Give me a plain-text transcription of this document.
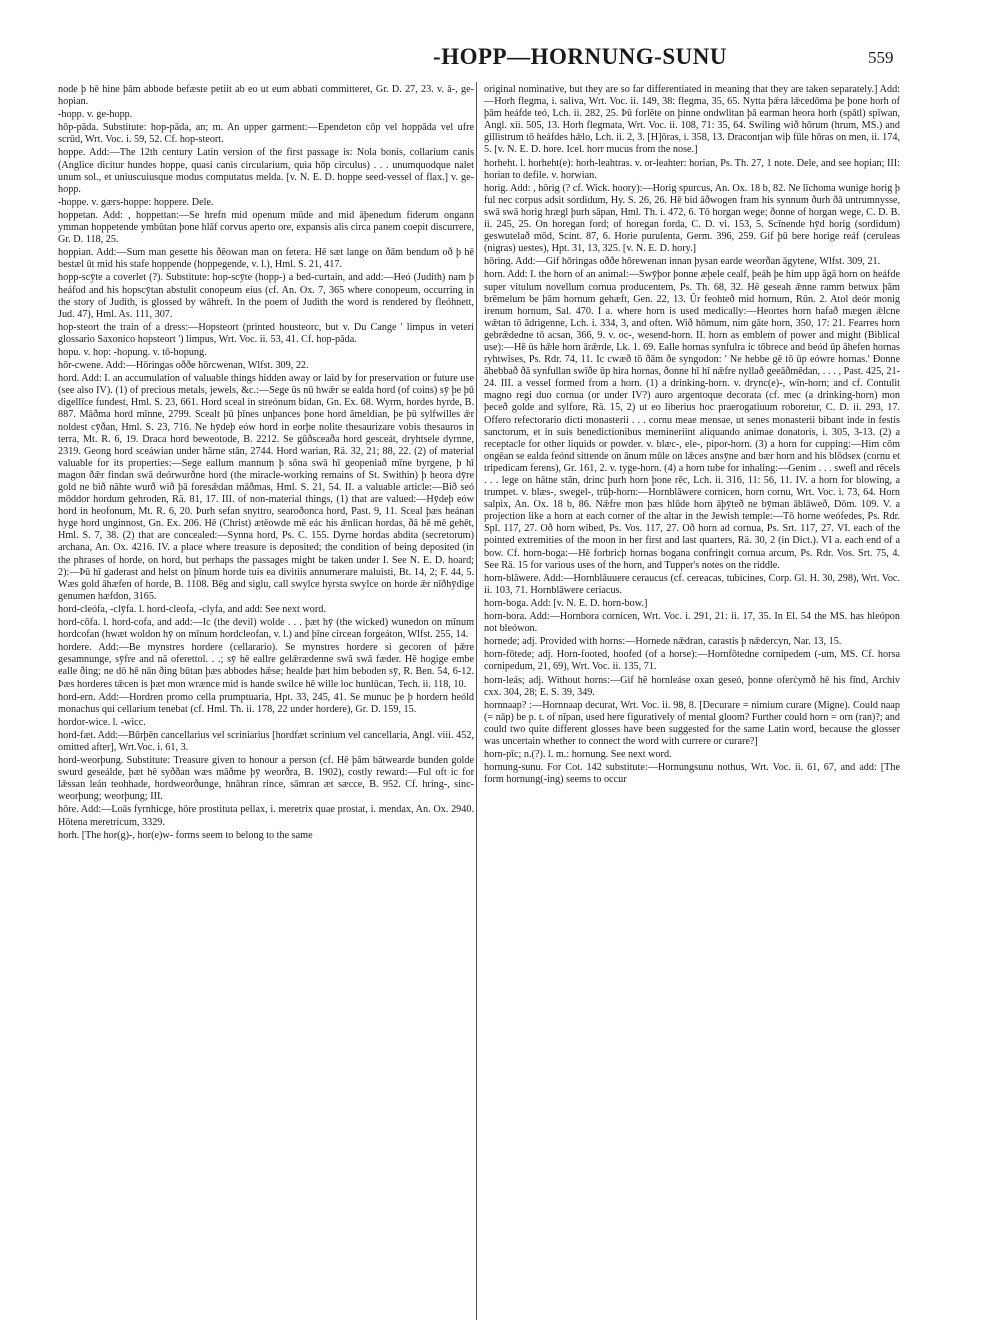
-HOPP—HORNUNG-SUNU	559

node þ hē hine þām abbode befæste petiit ab eo ut eum abbati committeret, Gr. D. 27, 23. v. ā-, ge-hopian.

-hopp. v. ge-hopp.

hōp-pāda. Substitute: hop-pāda, an; m. An upper garment:—Ependeton cōp vel hoppāda vel ufre scrūd, Wrt. Voc. i. 59, 52. Cf. hop-steort.

hoppe. Add:—The 12th century Latin version of the first passage is: Nola bonis, collarium canis (Anglice dicitur hundes hoppe, quasi canis circularium, quia hōp circulus) . . . unumquodque nalet unum sol., et uniuscuiusque modus computatus melda. [v. N. E. D. hoppe seed-vessel of flax.] v. ge-hopp.

-hoppe. v. gærs-hoppe: hoppere. Dele.

hoppetan. Add: , hoppettan:—Se hrefn mid openum mūde and mid āþenedum fiderum ongann ymman hoppetende ymbūtan þone hlāf corvus aperto ore, expansis alis circa panem coepit discurrere, Gr. D. 118, 25.

hoppian. Add:—Sum man gesette his ðēowan man on fetera. Hē sæt lange on ðām bendum oð þ hē bestæl ūt mid his stafe hoppende (hoppegende, v. l.), Hml. S. 21, 417.

hopp-scȳte a coverlet (?). Substitute: hop-scȳte (hopp-) a bed-curtain, and add:—Heó (Judith) nam þ heáfod and his hopscȳtan abstulit conopeum eius (cf. An. Ox. 7, 365 where conopeum, occurring in the story of Judith, is glossed by wāhreft. In the poem of Judith the word is rendered by fleóhnett, Jud. 47), Hml. As. 111, 307.

hop-steort the train of a dress:—Hopsteort (printed housteorc, but v. Du Cange ' limpus in veteri glossario Saxonico hopsteort ') limpus, Wrt. Voc. ii. 53, 41. Cf. hop-pāda.

hopu. v. hop: -hopung. v. tō-hopung.

hōr-cwene. Add:—Hōringas oððe hōrcwenan, Wlfst. 309, 22.

hord. Add: I. an accumulation of valuable things hidden away or laid by for preservation or future use (see also IV). (1) of precious metals, jewels, &c.:—Sege ūs nū hwǣr se ealda hord (of coins) sȳ þe þū digellīce fundest, Hml. S. 23, 661. Hord sceal in streónum bidan, Gn. Ex. 68. Wyrm, hordes hyrde, B. 887. Māðma hord mīnne, 2799. Scealt þū þīnes unþances þone hord āmeldian, þe þū sylfwilles ǣr noldest cȳðan, Hml. S. 23, 716. Ne hȳdeþ eów hord in eorþe nolite thesaurizare vobis thesauros in terra, Mt. R. 6, 19. Draca hord beweotode, B. 2212. Se gūðsceaða hord gesceát, dryhtsele dyrnne, 2319. Geong hord sceáwian under hārne stān, 2744. Hord warian, Rä. 32, 21; 88, 22. (2) of material valuable for its properties:—Sege eallum mannum þ sōna swā hī geopeniað mīne byrgene, þ hī magon ðǣr findan swā deórwurðne hord (the miracle-working remains of St. Swithin) þ heora dȳre gold ne bið nāhte wurð wið þā foresǣdan māðmas, Hml. S. 21, 54. II. a valuable article:—Bið seó mōddor hordum gehroden, Rä. 81, 17. III. of non-material things, (1) that are valued:—Hȳdeþ eów hord in heofonum, Mt. R. 6, 20. Þurh sefan snyttro, searoðonca hord, Past. 9, 11. Sceal þæs heánan hyge hord unginnost, Gn. Ex. 206. Hē (Christ) ætēowde mē eác his ǣnlican hordas, ðā hē mē gehēt, Hml. S. 7, 38. (2) that are concealed:—Synna hord, Ps. C. 155. Dyrne hordas abdita (secretorum) archana, An. Ox. 4216. IV. a place where treasure is deposited; the condition of being deposited (in the phrases of horde, on hord, but perhaps the passages might be taken under I. See N. E. D. hoard; 2):—Þū hī gaderast and helst on þīnum horde tuis ea divitiis annumerare maluisti, Bt. 14, 2; F. 44, 5. Wæs gold āhæfen of horde, B. 1108. Bēg and siglu, call swylce hyrsta swylce on horde ǣr nīðhȳdige genumen hæfdon, 3165.

hord-cleófa, -clȳfa. l. hord-cleofa, -clyfa, and add: See next word.

hord-cōfa. l. hord-cofa, and add:—Ic (the devil) wolde . . . þæt hȳ (the wicked) wunedon on mīnum hordcofan (hwæt woldon hȳ on mīnum hordcleofan, v. l.) and þīne circean forgeáton, Wlfst. 255, 14.

hordere. Add:—Be mynstres hordere (cellarario). Se mynstres hordere si gecoren of þǣre gesamnunge, sȳfre and nā oferettol. . .; sȳ hē eallre gelǣrædenne swā swā fæder. Hē hogige embe ealle ðing; ne dō hē nān ðing būtan þæs abbodes hǣse; healde þæt him beboden sȳ, R. Ben. 54, 6-12. Þæs horderes tǣcen is þæt mon wræncе mid is hande swilce hē wille loc hunlūcan, Tech. ii. 118, 10.

hord-ern. Add:—Hordren promo cella prumptuaria, Hpt. 33, 245, 41. Se munuc þe þ hordern heóld monachus qui cellarium tenebat (cf. Hml. Th. ii. 178, 22 under hordere), Gr. D. 159, 15.

hordor-wice. l. -wicc.

hord-fæt. Add:—Būrþēn cancellarius vel scriniarius [hordfæt scrinium vel cancellaria, Angl. viii. 452, omitted after], Wrt.Voc. i. 61, 3.

hord-weorþung. Substitute: Treasure given to honour a person (cf. Hē þām bātwearde bunden golde swurd geseálde, þæt hē syððan wæs māðme þȳ weorðra, B. 1902), costly reward:—Ful oft ic for lǣssan leán teohhade, hordweorðunge, hnāhran rince, sāmran æt sæcce, B. 952. Cf. hring-, sinc-weorþung; weorþung; III.

hōre. Add:—Loās fyrnhicge, hōre prostituta pellax, i. meretrix quae prostat, i. mendax, An. Ox. 2940. Hōtena meretricum, 3329.

horh. [The hor(g)-, hor(e)w- forms seem to belong to the same

original nominative, but they are so far differentiated in meaning that they are taken separately.] Add:—Horh flegma, i. saliva, Wrt. Voc. ii. 149, 38: flegma, 35, 65. Nytta þǣra lǣcedōma þe þone horh of þām heáfde teó, Lch. ii. 282, 25. Þū forlēte on þinne ondwlitan þā earman heora horh (spātl) spīwan, Angl. xii. 505, 13. Horh flegmata, Wrt. Voc. ii. 108, 71: 35, 64. Swiling wið hōrum (hrum, MS.) and gillistrum tō heáfdes hǣlo, Lch. ii. 2, 3. [H]ōras, i. 358, 13. Dracontjan wiþ fūle hōras on men, ii. 174, 5. [v. N. E. D. hore. Icel. horr mucus from the nose.]

horheht. l. horheht(e): horh-leahtras. v. or-leahter: horian, Ps. Th. 27, 1 note. Dele, and see hopian; III: horian to defile. v. horwian.

horig. Add: , hōrig (? cf. Wick. hoory):—Horig spurcus, An. Ox. 18 b, 82. Ne līchoma wunige horig þ ful nec corpus adsit sordidum, Hy. S. 26, 26. Hē bid āðwogen fram his synnum ðurh ðā untrumnysse, swā swā horig hrægl þurh sāpan, Hml. Th. i. 472, 6. Tō horgan wege; ðonne of horgan wege, C. D. B. ii. 245, 25. On horegan ford; of horegan forda, C. D. vi. 153, 5. Scīnende hȳd horig (sordidum) geswutelað mōd, Scint. 87, 6. Horie purulenta, Germ. 396, 259. Gif þū bere horige reáf (ceruleas (nigras) uestes), Hpt. 31, 13, 325. [v. N. E. D. hory.]

hōring. Add:—Gif hōringas oððe hōrewenan innan þysan earde weorðan āgytene, Wlfst. 309, 21.

horn. Add: I. the horn of an animal:—Swȳþor þonne æþele cealf, þeáh þe him upp āgā horn on heáfde super vitulum novellum cornua producentem, Ps. Th. 68, 32. Hē geseah ǣnne ramm betwux þām brēmelum be þām hornum gehæft, Gen. 22, 13. Ūr feohteð mid hornum, Rūn. 2. Atol deór monig irenum hornum, Sal. 470. I a. where horn is used medically:—Heortes horn hafað mægen ǣlcne wǣtan tō ādrigenne, Lch. i. 334, 3, and often. Wið hōmum, nim gāte horn, 350, 17: 21. Fearres horn gebrǣdedne tō acsan, 366, 9. v. oc-, wesend-horn. II. horn as emblem of power and might (Biblical use):—Hē ūs hǣle horn ārǣrde, Lk. 1. 69. Ealle hornas synfulra ic tōbrece and beód ūp āhefen hornas ryhtwīses, Ps. Rdr. 74, 11. Ic cwæð tō ðām ðe syngodon: ' Ne hebbe gē tō ūp eówre hornas.' Ðonne āhebbað ðā synfullan swīðe ūp hira hornas, ðonne hī hī nǣfre nyllað geeāðmēdan, . . . , Past. 425, 21-24. III. a vessel formed from a horn. (1) a drinking-horn. v. drync(e)-, wīn-horn; and cf. Contulit magno regi duo cornua (or under IV?) auro argentoque decorata (cf. mec (a drinking-horn) mon þeceð golde and sylfore, Rä. 15, 2) ut eo liberius hoc praerogatiuum roboretur, C. D. ii. 293, 17. Offero refectorario dicti monasterii . . . cornu meae mensae, ut senes monasterii bibant inde in festis sanctorum, et in suis benedictionibus memineriint aliquando animae donatoris, i. 305, 3-13. (2) a receptacle for other liquids or powder. v. blæc-, ele-, pipor-horn. (3) a horn for cupping:—Him cōm ongēan se ealda feónd sittende on ānum mūle on lǣces ansȳne and bær horn and his blōdsex (cornu et tripedicam ferens), Gr. 161, 2. v. tyge-horn. (4) a horn tube for inhaling:—Genim . . . swefl and rēcels . . . lege on hātne stān, drinc þurh horn þone rēc, Lch. ii. 316, 11: 56, 11. IV. a horn for blowing, a trumpet. v. blæs-, swegel-, trūþ-horn:—Hornblāwere cornicen, horn cornu, Wrt. Voc. i. 73, 64. Horn salpix, An. Ox. 18 b, 86. Nǣfre mon þæs hlūde horn āþȳteð ne bȳman āblāweð, Dōm. 109. V. a projection like a horn at each corner of the altar in the Jewish temple:—Tō horne weófedes, Ps. Rdr. Spl. 117, 27. Oð horn wibed, Ps. Vos. 117, 27. Oð horn ad cornua, Ps. Srt. 117, 27. VI. each of the pointed extremities of the moon in her first and last quarters, Rä. 30, 2 (in Dict.). VI a. each end of a bow. Cf. horn-boga:—Hē forbricþ hornas bogana confringit cornua arcum, Ps. Rdr. Vos. Srt. 75, 4. See Rä. 15 for various uses of the horn, and Tupper's notes on the riddle.

horn-blāwere. Add:—Hornblāuuere ceraucus (cf. cereacas, tubicines, Corp. Gl. H. 30, 298), Wrt. Voc. ii. 103, 71. Hornblāwere ceriacus.

horn-boga. Add: [v. N. E. D. horn-bow.]

horn-bora. Add:—Hornbora cornicen, Wrt. Voc. i. 291, 21: ii. 17, 35. In El. 54 the MS. has hleópon not bleówon.

hornede; adj. Provided with horns:—Hornede nǣdran, carastis þ nǣdercyn, Nar. 13, 15.

horn-fōtede; adj. Horn-footed, hoofed (of a horse):—Hornfōtedne cornipedem (-um, MS. Cf. horsa cornipedum, 21, 69), Wrt. Voc. ii. 135, 71.

horn-leás; adj. Without horns:—Gif hē hornleáse oxan geseó, þonne oferċymð hē his fīnd, Archiv cxx. 304, 28; E. S. 39, 349.

hornnaap? :—Hornnaap decurat, Wrt. Voc. ii. 98, 8. [Decurare = nimium curare (Migne). Could naap (= nāp) be p. t. of nīpan, used here figuratively of mental gloom? Further could horn = orn (ran)?; and could two quite different glosses have been suggested for the same Latin word, because the glosser was uncertain whether to connect the word with currere or curare?]

horn-pīc; n.(?). l. m.: hornung. See next word.

hornung-sunu. For Cot. 142 substitute:—Hornungsunu nothus, Wrt. Voc. ii. 61, 67, and add: [The form hornung(-ing) seems to occur
